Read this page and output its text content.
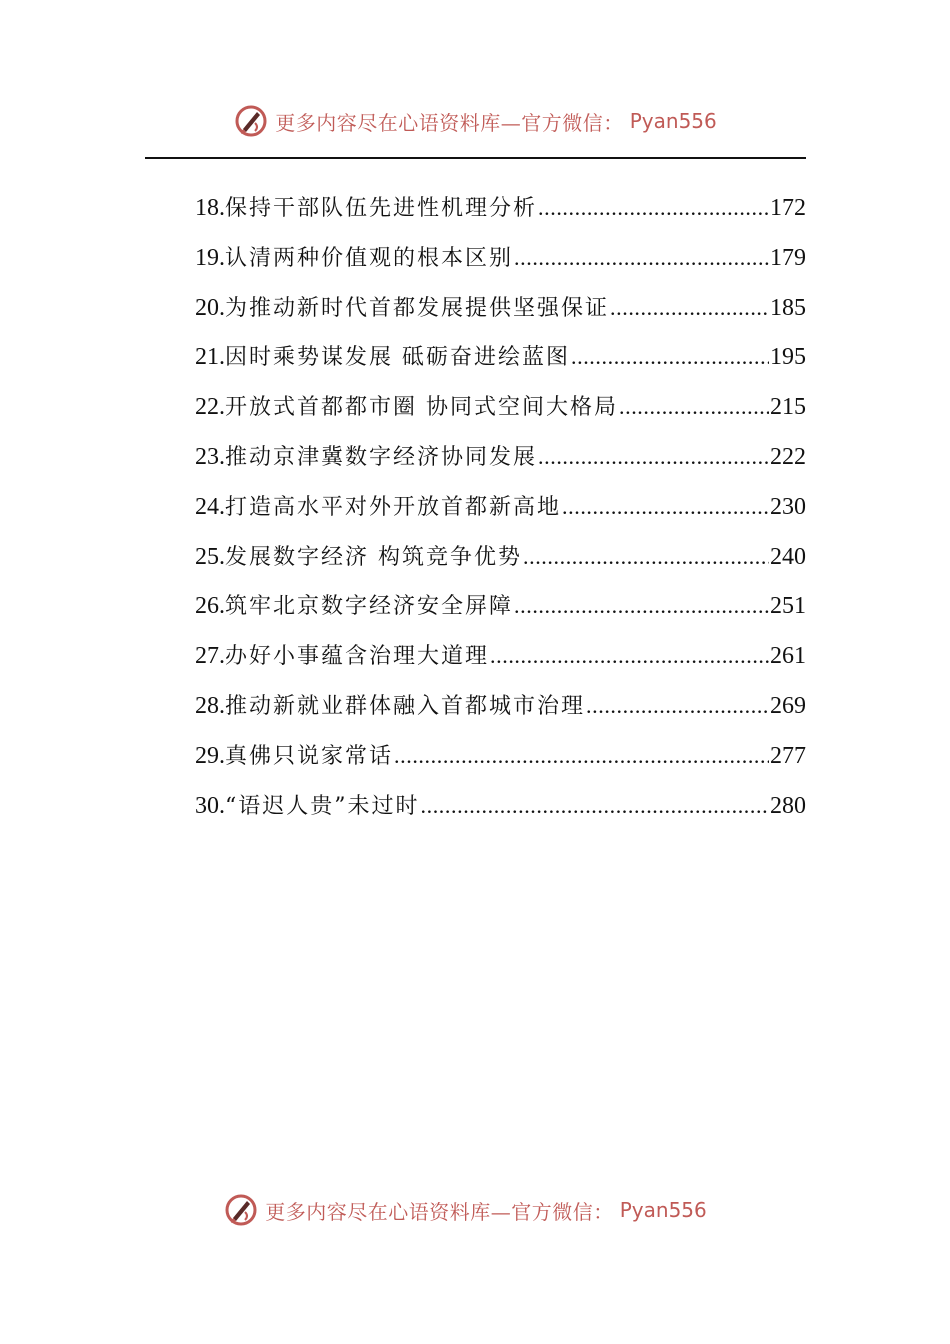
更多内容尽在心语资料库—官方微信： Pyan556
18. 保持干部队伍先进性机理分析 .....	172
19. 认清两种价值观的根本区别 .....	179
20. 为推动新时代首都发展提供坚强保证 .....	185
21. 因时乘势谋发展 砥砺奋进绘蓝图 .....	195
22. 开放式首都都市圈 协同式空间大格局 .....	215
23. 推动京津冀数字经济协同发展 .....	222
24. 打造高水平对外开放首都新高地 .....	230
25. 发展数字经济 构筑竞争优势 .....	240
26. 筑牢北京数字经济安全屏障 .....	251
27. 办好小事蕴含治理大道理 .....	261
28. 推动新就业群体融入首都城市治理 .....	269
29. 真佛只说家常话 .....	277
30. “语迟人贵”未过时 .....	280
更多内容尽在心语资料库—官方微信： Pyan556
